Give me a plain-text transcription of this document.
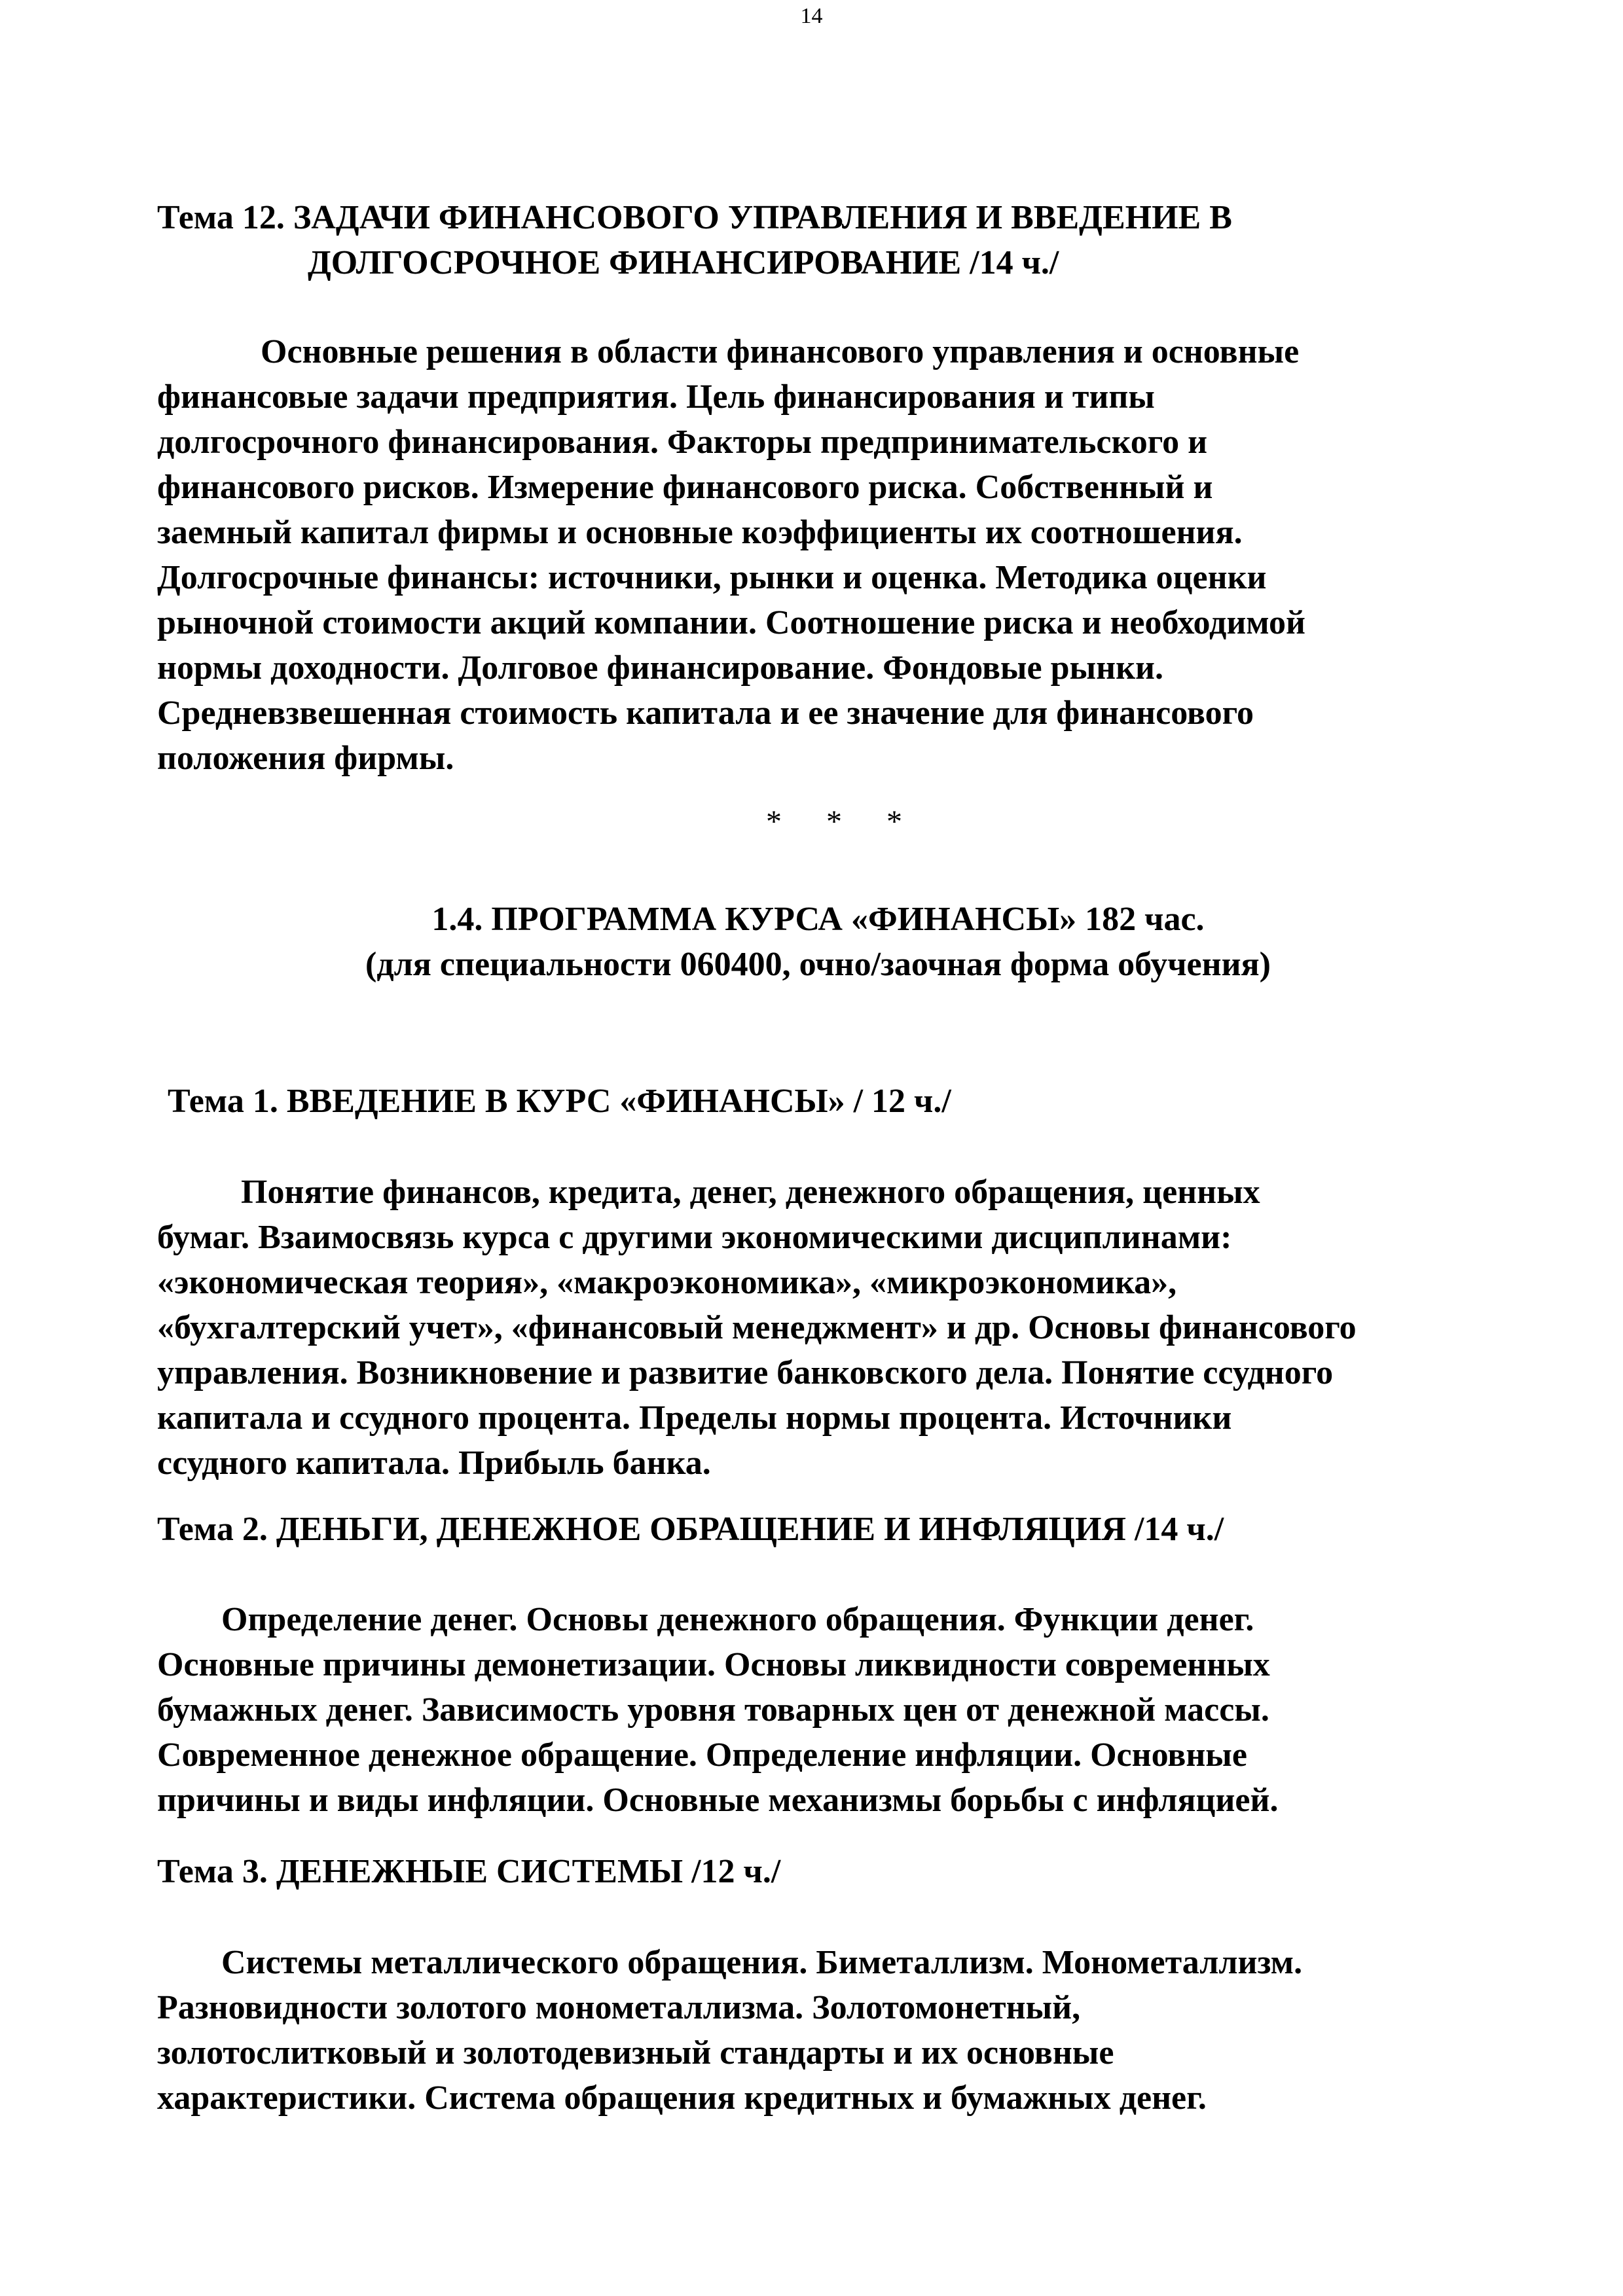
14
Тема 12. ЗАДАЧИ ФИНАНСОВОГО УПРАВЛЕНИЯ И ВВЕДЕНИЕ В
ДОЛГОСРОЧНОЕ ФИНАНСИРОВАНИЕ /14 ч./
Основные решения в области финансового управления и основные
финансовые задачи предприятия. Цель финансирования и типы
долгосрочного финансирования. Факторы предпринимательского и
финансового рисков. Измерение финансового риска. Собственный и
заемный капитал фирмы и основные коэффициенты их соотношения.
Долгосрочные финансы: источники, рынки и оценка. Методика оценки
рыночной стоимости акций компании. Соотношение риска и необходимой
нормы доходности. Долговое финансирование. Фондовые рынки.
Средневзвешенная стоимость капитала и ее значение для финансового
положения фирмы.
* * *
1.4. ПРОГРАММА КУРСА «ФИНАНСЫ» 182 час.
(для специальности 060400, очно/заочная форма обучения)
Тема 1. ВВЕДЕНИЕ В КУРС «ФИНАНСЫ» / 12 ч./
Понятие финансов, кредита, денег, денежного обращения, ценных
бумаг. Взаимосвязь курса с другими экономическими дисциплинами:
«экономическая теория», «макроэкономика», «микроэкономика»,
«бухгалтерский учет», «финансовый менеджмент» и др. Основы финансового
управления. Возникновение и развитие банковского дела. Понятие ссудного
капитала и ссудного процента. Пределы нормы процента. Источники
ссудного капитала. Прибыль банка.
Тема 2. ДЕНЬГИ, ДЕНЕЖНОЕ ОБРАЩЕНИЕ И ИНФЛЯЦИЯ /14 ч./
Определение денег. Основы денежного обращения. Функции денег.
Основные причины демонетизации. Основы ликвидности современных
бумажных денег. Зависимость уровня товарных цен от денежной массы.
Современное денежное обращение. Определение инфляции. Основные
причины и виды инфляции. Основные механизмы борьбы с инфляцией.
Тема 3. ДЕНЕЖНЫЕ СИСТЕМЫ /12 ч./
Системы металлического обращения. Биметаллизм. Монометаллизм.
Разновидности золотого монометаллизма. Золотомонетный,
золотослитковый и золотодевизный стандарты и их основные
характеристики. Система обращения кредитных и бумажных денег.
